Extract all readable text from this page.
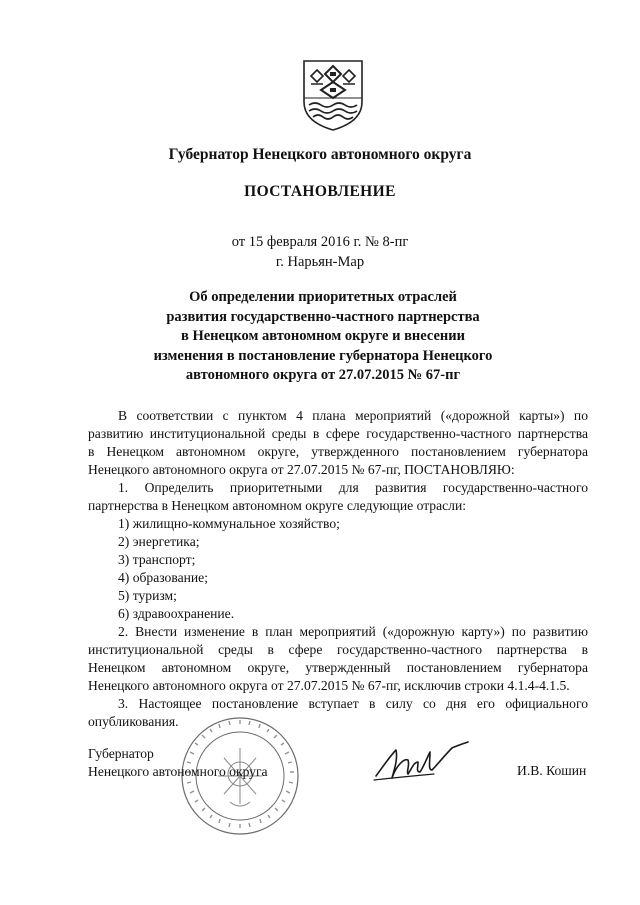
Губернатор Ненецкого автономного округа
ПОСТАНОВЛЕНИЕ
от 15 февраля 2016 г. № 8-пг
г. Нарьян-Мар
Об определении приоритетных отраслей
развития государственно-частного партнерства
в Ненецком автономном округе и внесении
изменения в постановление губернатора Ненецкого
автономного округа от 27.07.2015 № 67-пг
В соответствии с пунктом 4 плана мероприятий («дорожной карты») по
развитию институциональной среды в сфере государственно-частного партнерства
в Ненецком автономном округе, утвержденного постановлением губернатора
Ненецкого автономного округа от 27.07.2015 № 67-пг, ПОСТАНОВЛЯЮ:
1. Определить приоритетными для развития государственно-частного
партнерства в Ненецком автономном округе следующие отрасли:
1) жилищно-коммунальное хозяйство;
2) энергетика;
3) транспорт;
4) образование;
5) туризм;
6) здравоохранение.
2. Внести изменение в план мероприятий («дорожную карту») по развитию
институциональной среды в сфере государственно-частного партнерства в
Ненецком автономном округе, утвержденный постановлением губернатора
Ненецкого автономного округа от 27.07.2015 № 67-пг, исключив строки 4.1.4-4.1.5.
3. Настоящее постановление вступает в силу со дня его официального
опубликования.
Губернатор
Ненецкого автономного округа	И.В. Кошин
